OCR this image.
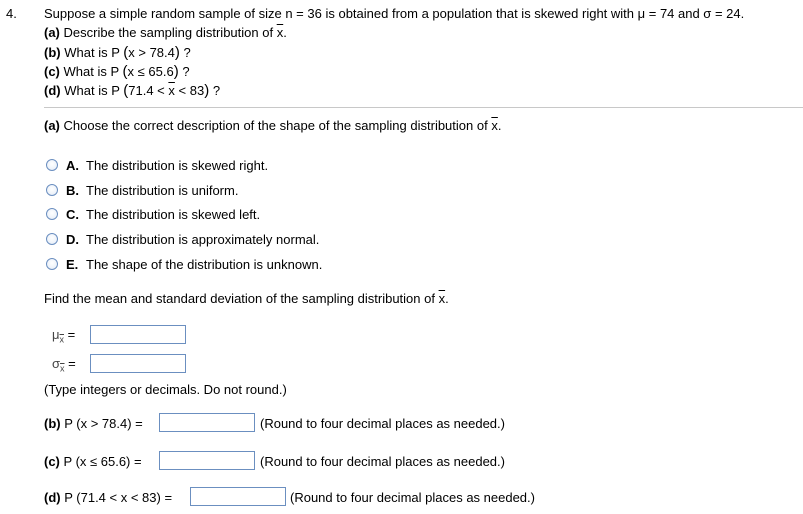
4. Suppose a simple random sample of size n = 36 is obtained from a population that is skewed right with μ = 74 and σ = 24.
(a) Describe the sampling distribution of $\overline{x}$.
(b) What is P (x > 78.4) ?
(c) What is P (x ≤ 65.6) ?
(d) What is P $(71.4 < \overline{x} < 83)$ ?
(a) Choose the correct description of the shape of the sampling distribution of $\overline{x}$.
A. The distribution is skewed right.
B. The distribution is uniform.
C. The distribution is skewed left.
D. The distribution is approximately normal.
E. The shape of the distribution is unknown.
Find the mean and standard deviation of the sampling distribution of $\overline{x}$.
$\mu_{\overline{x}}$ =
$\sigma_{\overline{x}}$ =
(Type integers or decimals. Do not round.)
(b) P (x > 78.4) =	(Round to four decimal places as needed.)
(c) P (x ≤ 65.6) =	(Round to four decimal places as needed.)
(d) P (71.4 < x < 83) =	(Round to four decimal places as needed.)
